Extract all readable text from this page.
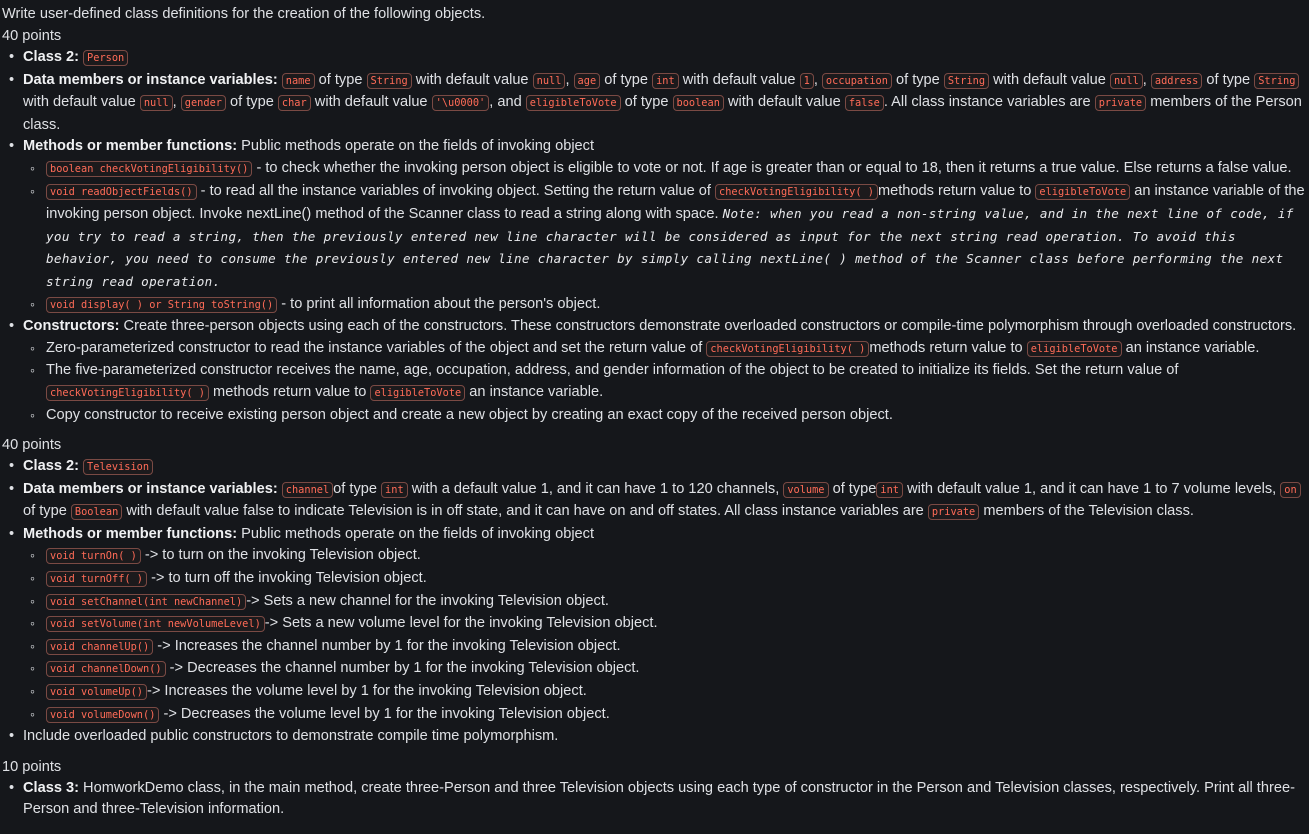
Write user-defined class definitions for the creation of the following objects.

40 points

• Class 2: Person
• Data members or instance variables: name of type String with default value null , age of type int with default value 1 , occupation of type String with default value null , address of type String with default value null , gender of type char with default value '\u0000' , and eligibleToVote of type boolean with default value false . All class instance variables are private members of the Person class.
• Methods or member functions: Public methods operate on the fields of invoking object
◦ boolean checkVotingEligibility() - to check whether the invoking person object is eligible to vote or not. If age is greater than or equal to 18, then it returns a true value. Else returns a false value.
◦ void readObjectFields() - to read all the instance variables of invoking object. Setting the return value of checkVotingEligibility( ) methods return value to eligibleToVote an instance variable of the invoking person object. Invoke nextLine() method of the Scanner class to read a string along with space. Note: when you read a non-string value, and in the next line of code, if you try to read a string, then the previously entered new line character will be considered as input for the next string read operation. To avoid this behavior, you need to consume the previously entered new line character by simply calling nextLine( ) method of the Scanner class before performing the next string read operation.
◦ void display( ) or String toString() - to print all information about the person's object.
• Constructors: Create three-person objects using each of the constructors. These constructors demonstrate overloaded constructors or compile-time polymorphism through overloaded constructors.
◦ Zero-parameterized constructor to read the instance variables of the object and set the return value of checkVotingEligibility( ) methods return value to eligibleToVote an instance variable.
◦ The five-parameterized constructor receives the name, age, occupation, address, and gender information of the object to be created to initialize its fields. Set the return value of checkVotingEligibility( ) methods return value to eligibleToVote an instance variable.
◦ Copy constructor to receive existing person object and create a new object by creating an exact copy of the received person object.

40 points

• Class 2: Television
• Data members or instance variables: channel of type int with a default value 1, and it can have 1 to 120 channels, volume of type int with default value 1, and it can have 1 to 7 volume levels, on of type Boolean with default value false to indicate Television is in off state, and it can have on and off states. All class instance variables are private members of the Television class.
• Methods or member functions: Public methods operate on the fields of invoking object
◦ void turnOn( ) -> to turn on the invoking Television object.
◦ void turnOff( ) -> to turn off the invoking Television object.
◦ void setChannel(int newChannel) -> Sets a new channel for the invoking Television object.
◦ void setVolume(int newVolumeLevel) -> Sets a new volume level for the invoking Television object.
◦ void channelUp() -> Increases the channel number by 1 for the invoking Television object.
◦ void channelDown() -> Decreases the channel number by 1 for the invoking Television object.
◦ void volumeUp() -> Increases the volume level by 1 for the invoking Television object.
◦ void volumeDown() -> Decreases the volume level by 1 for the invoking Television object.
• Include overloaded public constructors to demonstrate compile time polymorphism.

10 points

• Class 3: HomworkDemo class, in the main method, create three-Person and three Television objects using each type of constructor in the Person and Television classes, respectively. Print all three-Person and three-Television information.
